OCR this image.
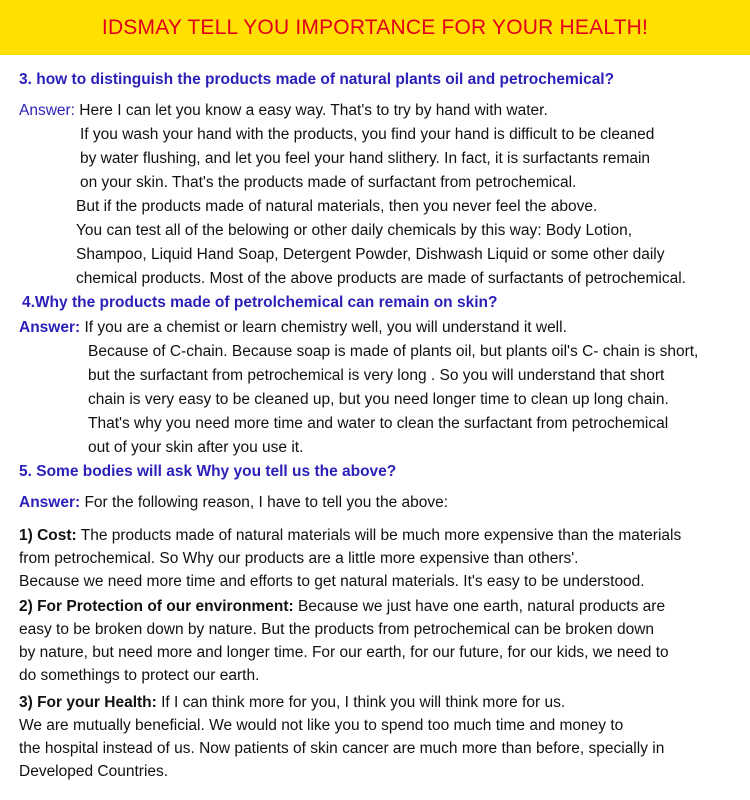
IDSMAY TELL YOU IMPORTANCE FOR YOUR HEALTH!

3. how to distinguish the products made of natural plants oil and petrochemical?

Answer: Here I can let you know a easy way. That's to try by hand with water.

If you wash your hand with the products, you find your hand is difficult to be cleaned

by water flushing, and let you feel your hand slithery. In fact, it is surfactants remain

on your skin. That's the products made of surfactant from petrochemical.

But if the products made of natural materials, then you never feel the above.

You can test all of the belowing or other daily chemicals by this way: Body Lotion,

Shampoo, Liquid Hand Soap, Detergent Powder, Dishwash Liquid or some other daily

chemical products. Most of the above products are made of surfactants of petrochemical.

4.Why the products made of petrolchemical can remain on skin?

Answer: If you are a chemist or learn chemistry well, you will understand it well.

Because of C-chain. Because soap is made of plants oil, but plants oil's C- chain is short,

but the surfactant from petrochemical is very long . So you will understand that short

chain is very easy to be cleaned up, but you need longer time to clean up long chain.

That's why you need more time and water to clean the surfactant from petrochemical

out of your skin after you use it.

5. Some bodies will ask Why you tell us the above?

Answer: For the following reason, I have to tell you the above:

1) Cost: The products made of natural materials will be much more expensive than the materials

from petrochemical. So Why our products are a little more expensive than others'.

Because we need more time and efforts to get natural materials. It's easy to be understood.

2) For Protection of our environment: Because we just have one earth, natural products are

easy to be broken down by nature. But the products from petrochemical can be broken down

by nature, but need more and longer time. For our earth, for our future, for our kids, we need to

do somethings to protect our earth.

3) For your Health: If I can think more for you, I think you will think more for us.

We are mutually beneficial. We would not like you to spend too much time and money to

the hospital instead of us. Now patients of skin cancer are much more than before, specially in

Developed Countries.
